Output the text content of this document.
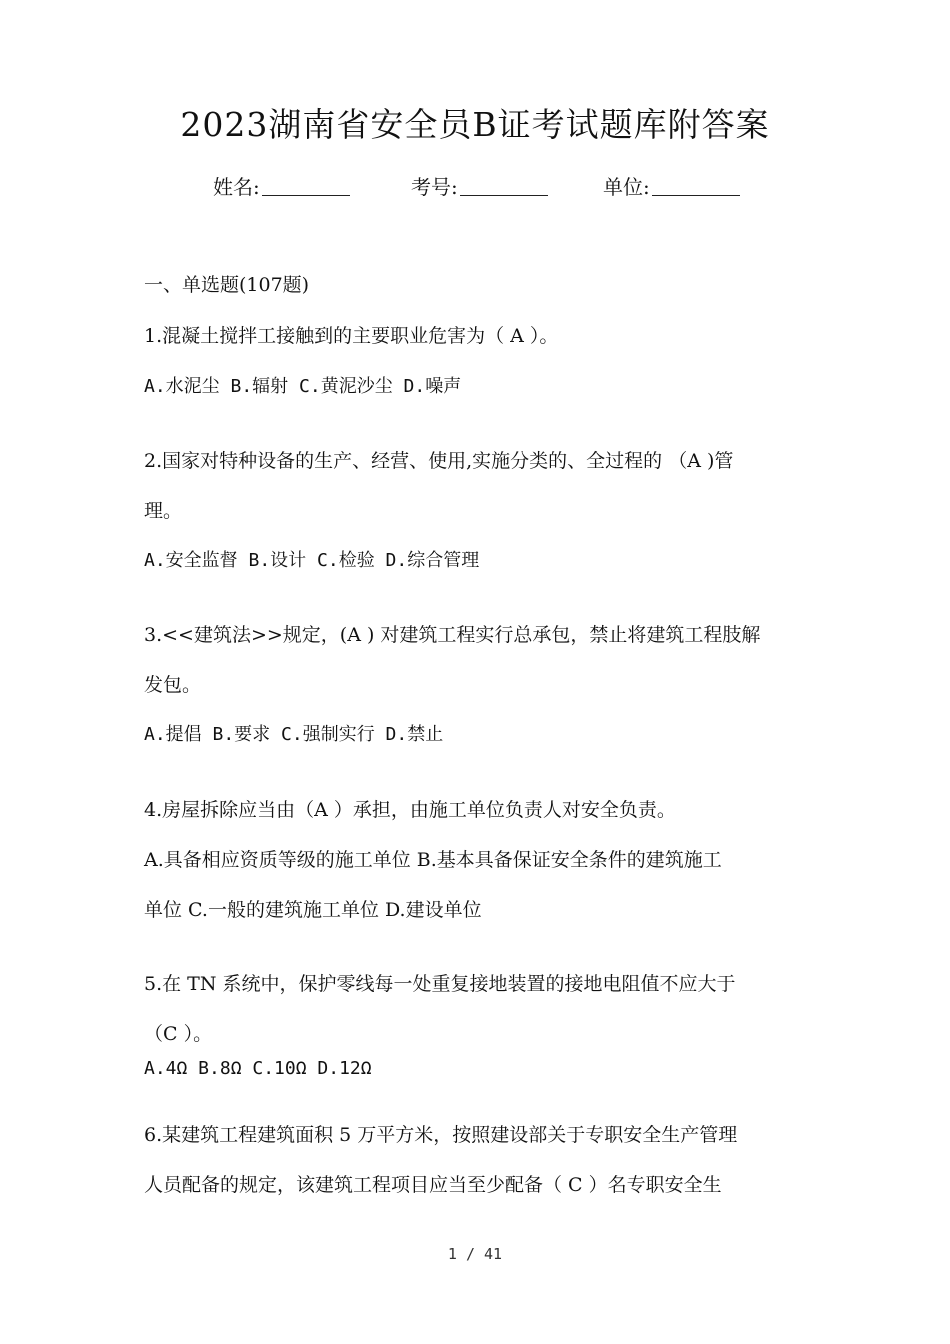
2023湖南省安全员B证考试题库附答案
姓名:	考号:	单位:
一、单选题(107题)
1.混凝土搅拌工接触到的主要职业危害为（ A ）。
A.水泥尘 B.辐射 C.黄泥沙尘 D.噪声
2.国家对特种设备的生产、经营、使用,实施分类的、全过程的 （A )管
理。
A.安全监督 B.设计 C.检验 D.综合管理
3.<<建筑法>>规定，(A ) 对建筑工程实行总承包，禁止将建筑工程肢解
发包。
A.提倡 B.要求 C.强制实行 D.禁止
4.房屋拆除应当由（A ）承担，由施工单位负责人对安全负责。
A.具备相应资质等级的施工单位 B.基本具备保证安全条件的建筑施工
单位 C.一般的建筑施工单位 D.建设单位
5.在 TN 系统中，保护零线每一处重复接地装置的接地电阻值不应大于
（C ）。
A.4Ω B.8Ω C.10Ω D.12Ω
6.某建筑工程建筑面积 5 万平方米，按照建设部关于专职安全生产管理
人员配备的规定，该建筑工程项目应当至少配备（ C ）名专职安全生
1 / 41
